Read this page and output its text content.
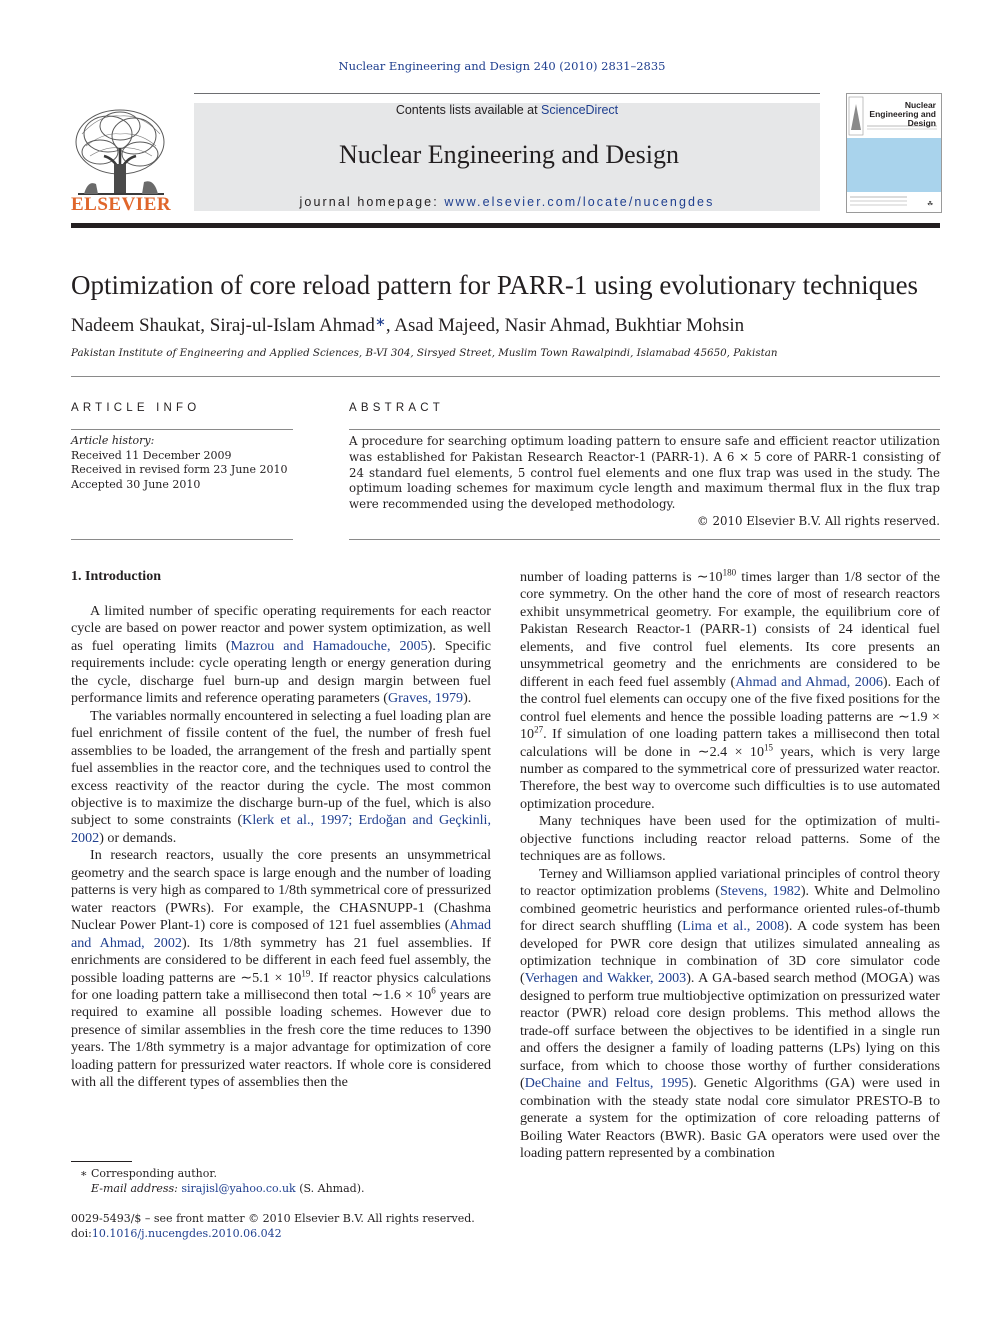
Nuclear Engineering and Design 240 (2010) 2831–2835
Contents lists available at ScienceDirect
Nuclear Engineering and Design
journal homepage: www.elsevier.com/locate/nucengdes
ELSEVIER	☘
Nuclear Engineering and Design
Optimization of core reload pattern for PARR-1 using evolutionary techniques
Nadeem Shaukat, Siraj-ul-Islam Ahmad∗, Asad Majeed, Nasir Ahmad, Bukhtiar Mohsin
Pakistan Institute of Engineering and Applied Sciences, B-VI 304, Sirsyed Street, Muslim Town Rawalpindi, Islamabad 45650, Pakistan
ARTICLE INFO	ABSTRACT
Article history:
Received 11 December 2009
Received in revised form 23 June 2010
Accepted 30 June 2010
A procedure for searching optimum loading pattern to ensure safe and efficient reactor utilization was established for Pakistan Research Reactor-1 (PARR-1). A 6 × 5 core of PARR-1 consisting of 24 standard fuel elements, 5 control fuel elements and one flux trap was used in the study. The optimum loading schemes for maximum cycle length and maximum thermal flux in the flux trap were recommended using the developed methodology.
© 2010 Elsevier B.V. All rights reserved.
1. Introduction

A limited number of specific operating requirements for each reactor cycle are based on power reactor and power system optimization, as well as fuel operating limits (Mazrou and Hamadouche, 2005). Specific requirements include: cycle operating length or energy generation during the cycle, discharge fuel burn-up and design margin between fuel performance limits and reference operating parameters (Graves, 1979).

The variables normally encountered in selecting a fuel loading plan are fuel enrichment of fissile content of the fuel, the number of fresh fuel assemblies to be loaded, the arrangement of the fresh and partially spent fuel assemblies in the reactor core, and the techniques used to control the excess reactivity of the reactor during the cycle. The most common objective is to maximize the discharge burn-up of the fuel, which is also subject to some constraints (Klerk et al., 1997; Erdoğan and Geçkinli, 2002) or demands.

In research reactors, usually the core presents an unsymmetrical geometry and the search space is large enough and the number of loading patterns is very high as compared to 1/8th symmetrical core of pressurized water reactors (PWRs). For example, the CHASNUPP-1 (Chashma Nuclear Power Plant-1) core is composed of 121 fuel assemblies (Ahmad and Ahmad, 2002). Its 1/8th symmetry has 21 fuel assemblies. If enrichments are considered to be different in each feed fuel assembly, the possible loading patterns are ∼5.1 × $10^{19}$. If reactor physics calculations for one loading pattern take a millisecond then total ∼1.6 × $10^6$ years are required to examine all possible loading schemes. However due to presence of similar assemblies in the fresh core the time reduces to 1390 years. The 1/8th symmetry is a major advantage for optimization of core loading pattern for pressurized water reactors. If whole core is considered with all the different types of assemblies then the

number of loading patterns is $\sim 10^{180}$ times larger than 1/8 sector of the core symmetry. On the other hand the core of most of research reactors exhibit unsymmetrical geometry. For example, the equilibrium core of Pakistan Research Reactor-1 (PARR-1) consists of 24 identical fuel elements, and five control fuel elements. Its core presents an unsymmetrical geometry and the enrichments are considered to be different in each feed fuel assembly (Ahmad and Ahmad, 2006). Each of the control fuel elements can occupy one of the five fixed positions for the control fuel elements and hence the possible loading patterns are ∼1.9 × $10^{27}$. If simulation of one loading pattern takes a millisecond then total calculations will be done in ∼2.4 × $10^{15}$ years, which is very large number as compared to the symmetrical core of pressurized water reactor. Therefore, the best way to overcome such difficulties is to use automated optimization procedure.

Many techniques have been used for the optimization of multi-objective functions including reactor reload patterns. Some of the techniques are as follows.

Terney and Williamson applied variational principles of control theory to reactor optimization problems (Stevens, 1982). White and Delmolino combined geometric heuristics and performance oriented rules-of-thumb for direct search shuffling (Lima et al., 2008). A code system has been developed for PWR core design that utilizes simulated annealing as optimization technique in combination of 3D core simulator code (Verhagen and Wakker, 2003). A GA-based search method (MOGA) was designed to perform true multiobjective optimization on pressurized water reactor (PWR) reload core design problems. This method allows the trade-off surface between the objectives to be identified in a single run and offers the designer a family of loading patterns (LPs) lying on this surface, from which to choose those worthy of further considerations (DeChaine and Feltus, 1995). Genetic Algorithms (GA) were used in combination with the steady state nodal core simulator PRESTO-B to generate a system for the optimization of core reloading patterns of Boiling Water Reactors (BWR). Basic GA operators were used over the loading pattern represented by a combination

∗ Corresponding author.
E-mail address: sirajisl@yahoo.co.uk (S. Ahmad).
0029-5493/$ – see front matter © 2010 Elsevier B.V. All rights reserved.
doi:10.1016/j.nucengdes.2010.06.042
